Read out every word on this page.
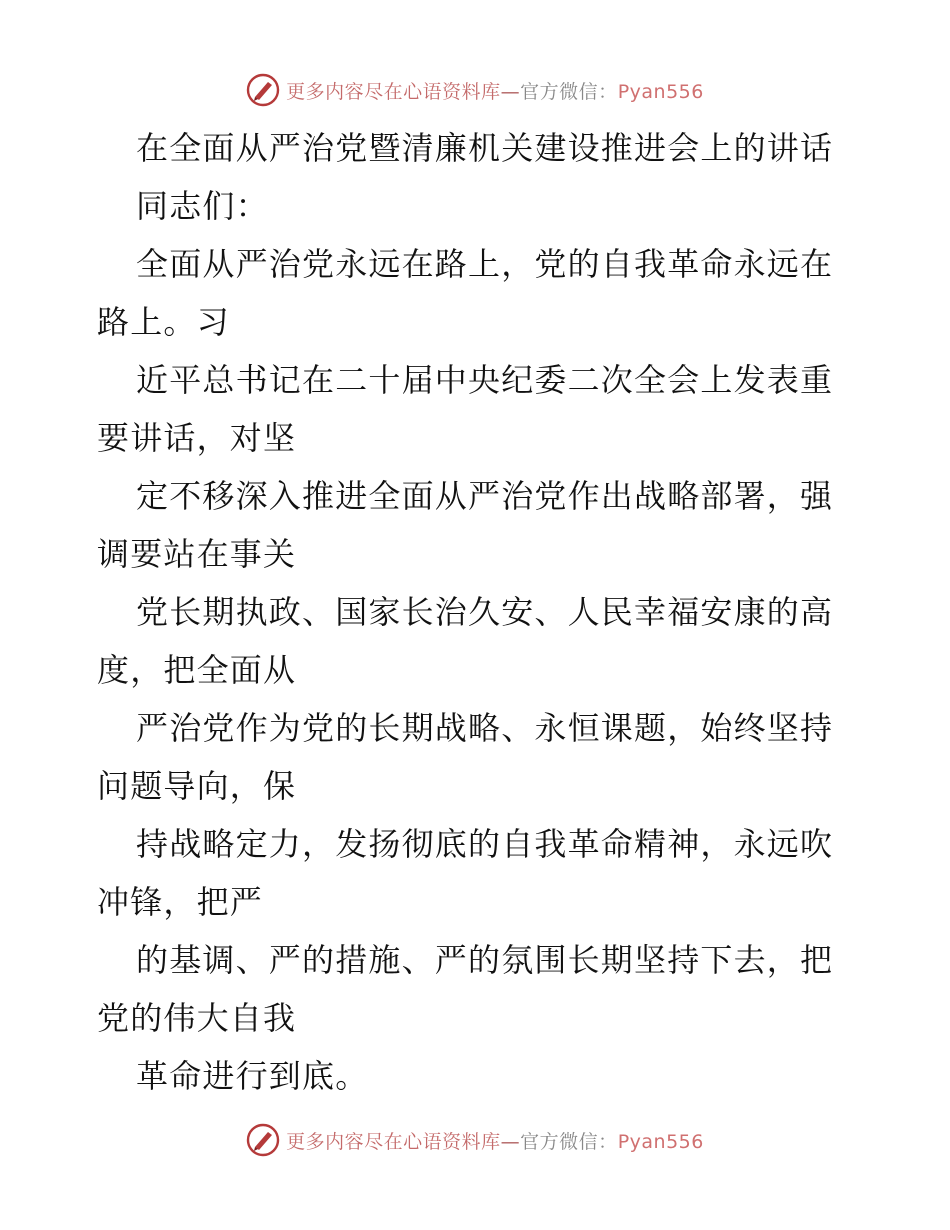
更多内容尽在心语资料库—官方微信：Pyan556
在全面从严治党暨清廉机关建设推进会上的讲话
同志们：
全面从严治党永远在路上，党的自我革命永远在
路上。习
近平总书记在二十届中央纪委二次全会上发表重
要讲话，对坚
定不移深入推进全面从严治党作出战略部署，强
调要站在事关
党长期执政、国家长治久安、人民幸福安康的高
度，把全面从
严治党作为党的长期战略、永恒课题，始终坚持
问题导向，保
持战略定力，发扬彻底的自我革命精神，永远吹
冲锋，把严
的基调、严的措施、严的氛围长期坚持下去，把
党的伟大自我
革命进行到底。
更多内容尽在心语资料库—官方微信：Pyan556
